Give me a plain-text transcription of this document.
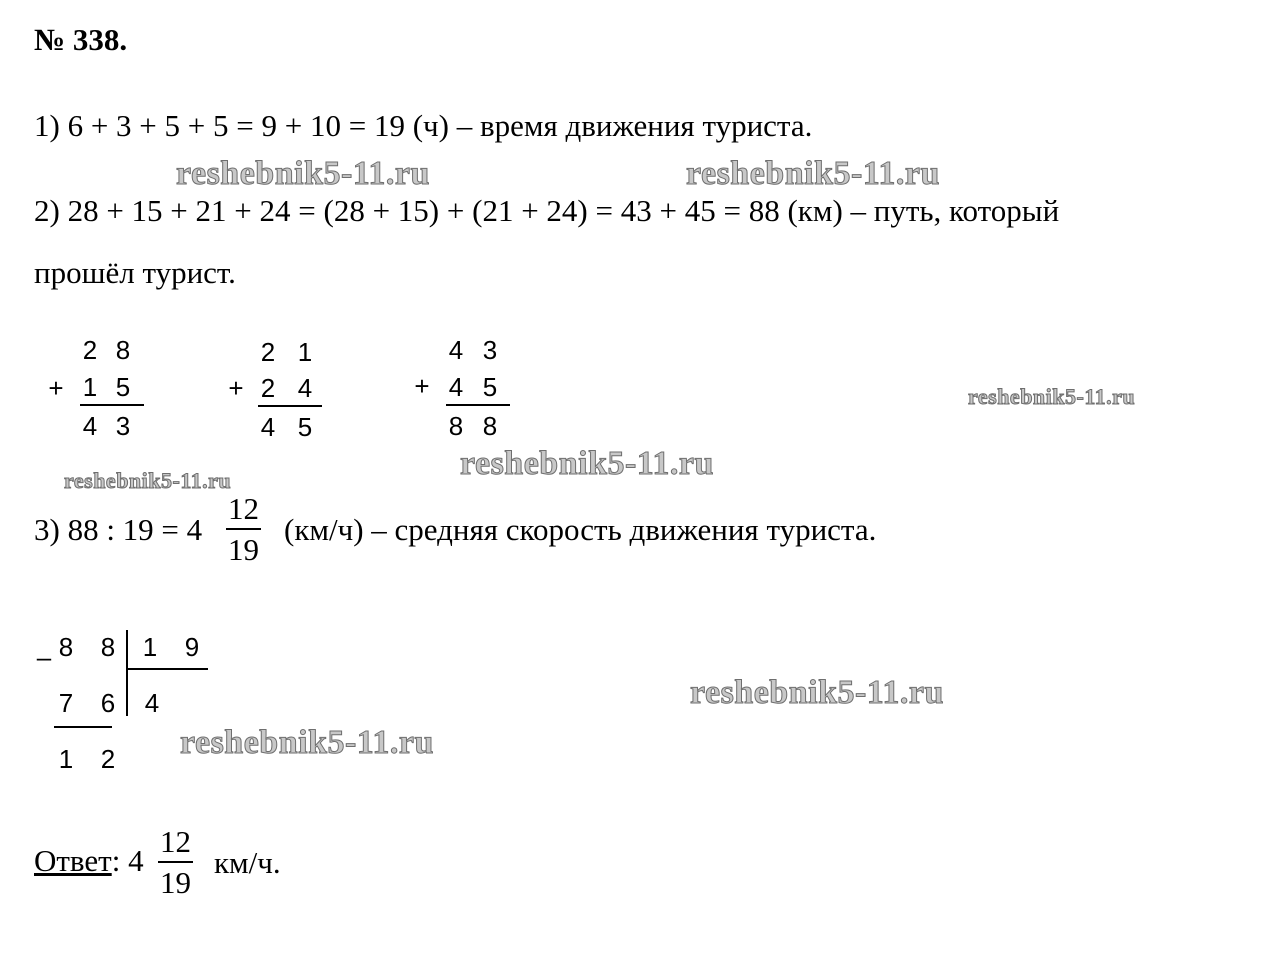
№ 338.
1) 6 + 3 + 5 + 5 = 9 + 10 = 19 (ч) – время движения туриста.
2) 28 + 15 + 21 + 24 = (28 + 15) + (21 + 24) = 43 + 45 = 88 (км) – путь, который
прошёл турист.
+
2 8
1 5
4 3
+
2 1
2 4
4 5
+
4 3
4 5
8 8
3) 88 : $19 = 4 \frac{12}{19} (км/ч)$ – средняя скорость движения туриста.
– 8 8 1 9
7 6 4
1 2
Ответ: $4 \frac{12}{19} км/ч$.
reshebnik5-11.ru	reshebnik5-11.ru
reshebnik5-11.ru
reshebnik5-11.ru
reshebnik5-11.ru
reshebnik5-11.ru
reshebnik5-11.ru
